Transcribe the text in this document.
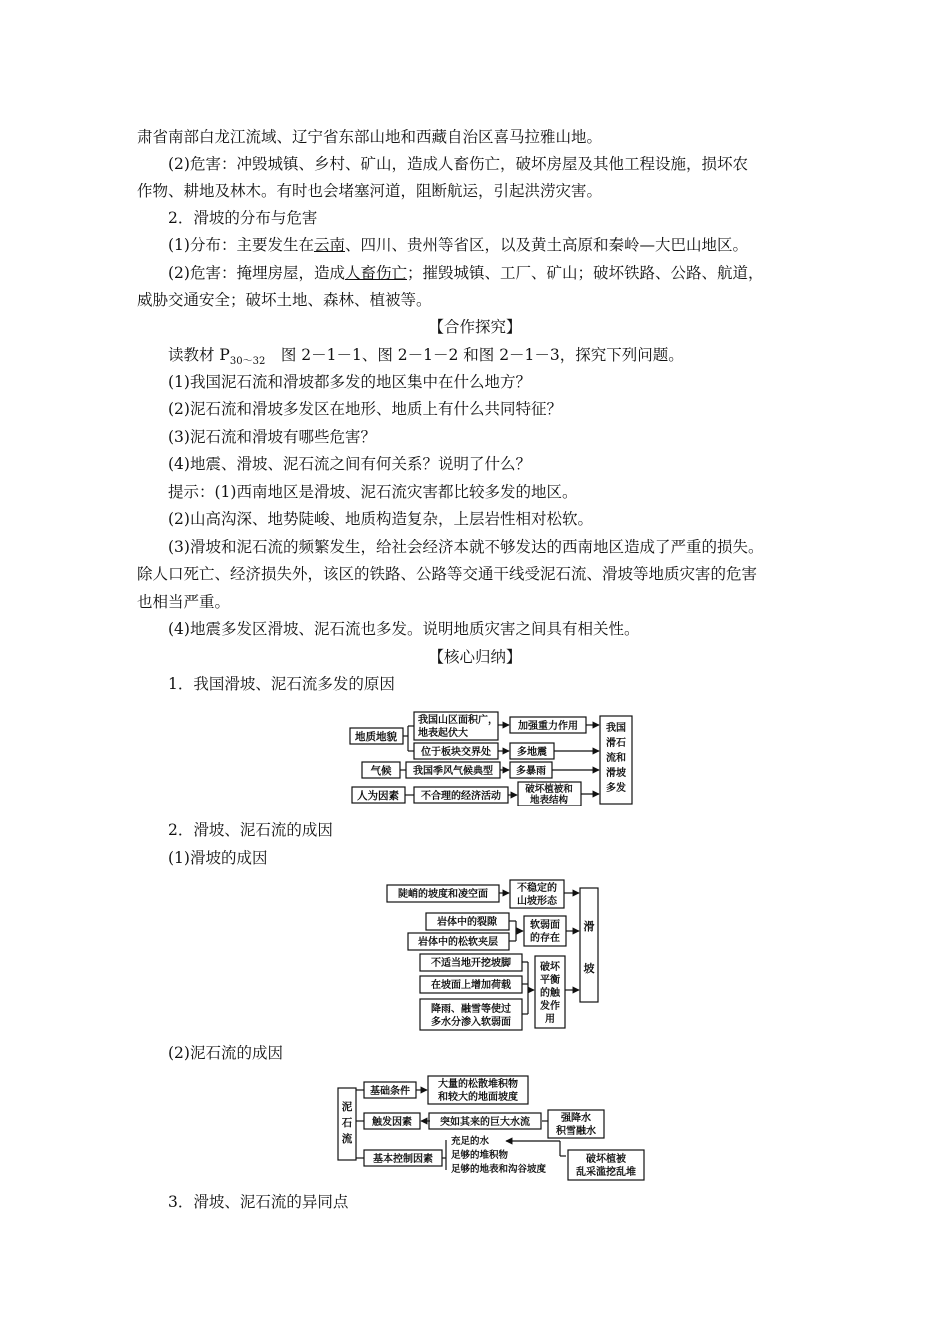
肃省南部白龙江流域、辽宁省东部山地和西藏自治区喜马拉雅山地。
(2)危害：冲毁城镇、乡村、矿山，造成人畜伤亡，破坏房屋及其他工程设施，损坏农
作物、耕地及林木。有时也会堵塞河道，阻断航运，引起洪涝灾害。
2．滑坡的分布与危害
(1)分布：主要发生在云南、四川、贵州等省区，以及黄土高原和秦岭—大巴山地区。
(2)危害：掩埋房屋，造成人畜伤亡；摧毁城镇、工厂、矿山；破坏铁路、公路、航道，
威胁交通安全；破坏土地、森林、植被等。
【合作探究】
读教材 $P_{30\sim 32}$　图 2－1－1、图 2－1－2 和图 2－1－3，探究下列问题。
(1)我国泥石流和滑坡都多发的地区集中在什么地方？
(2)泥石流和滑坡多发区在地形、地质上有什么共同特征？
(3)泥石流和滑坡有哪些危害？
(4)地震、滑坡、泥石流之间有何关系？说明了什么？
提示：(1)西南地区是滑坡、泥石流灾害都比较多发的地区。
(2)山高沟深、地势陡峻、地质构造复杂，上层岩性相对松软。
(3)滑坡和泥石流的频繁发生，给社会经济本就不够发达的西南地区造成了严重的损失。
除人口死亡、经济损失外，该区的铁路、公路等交通干线受泥石流、滑坡等地质灾害的危害
也相当严重。
(4)地震多发区滑坡、泥石流也多发。说明地质灾害之间具有相关性。
【核心归纳】
1．我国滑坡、泥石流多发的原因
地质地貌
我国山区面积广，
地表起伏大
加强重力作用
位于板块交界处	多地震
气候 我国季风气候典型 多暴雨
人为因素 不合理的经济活动
破坏植被和
地表结构
我国
滑石
流和
滑坡
多发
2．滑坡、泥石流的成因
(1)滑坡的成因
陡峭的坡度和凌空面
不稳定的
山坡形态
岩体中的裂隙
岩体中的松软夹层
软弱面
的存在
不适当地开挖坡脚
在坡面上增加荷载
降雨、融雪等使过
多水分渗入软弱面
破坏
平衡
的触
发作
用
滑
坡
(2)泥石流的成因
泥
石
流
基础条件
大量的松散堆积物
和较大的地面坡度
触发因素	突如其来的巨大水流	强降水
积雪融水
基本控制因素
充足的水
足够的堆积物
足够的地表和沟谷坡度
破坏植被
乱采滥挖乱堆
3．滑坡、泥石流的异同点
